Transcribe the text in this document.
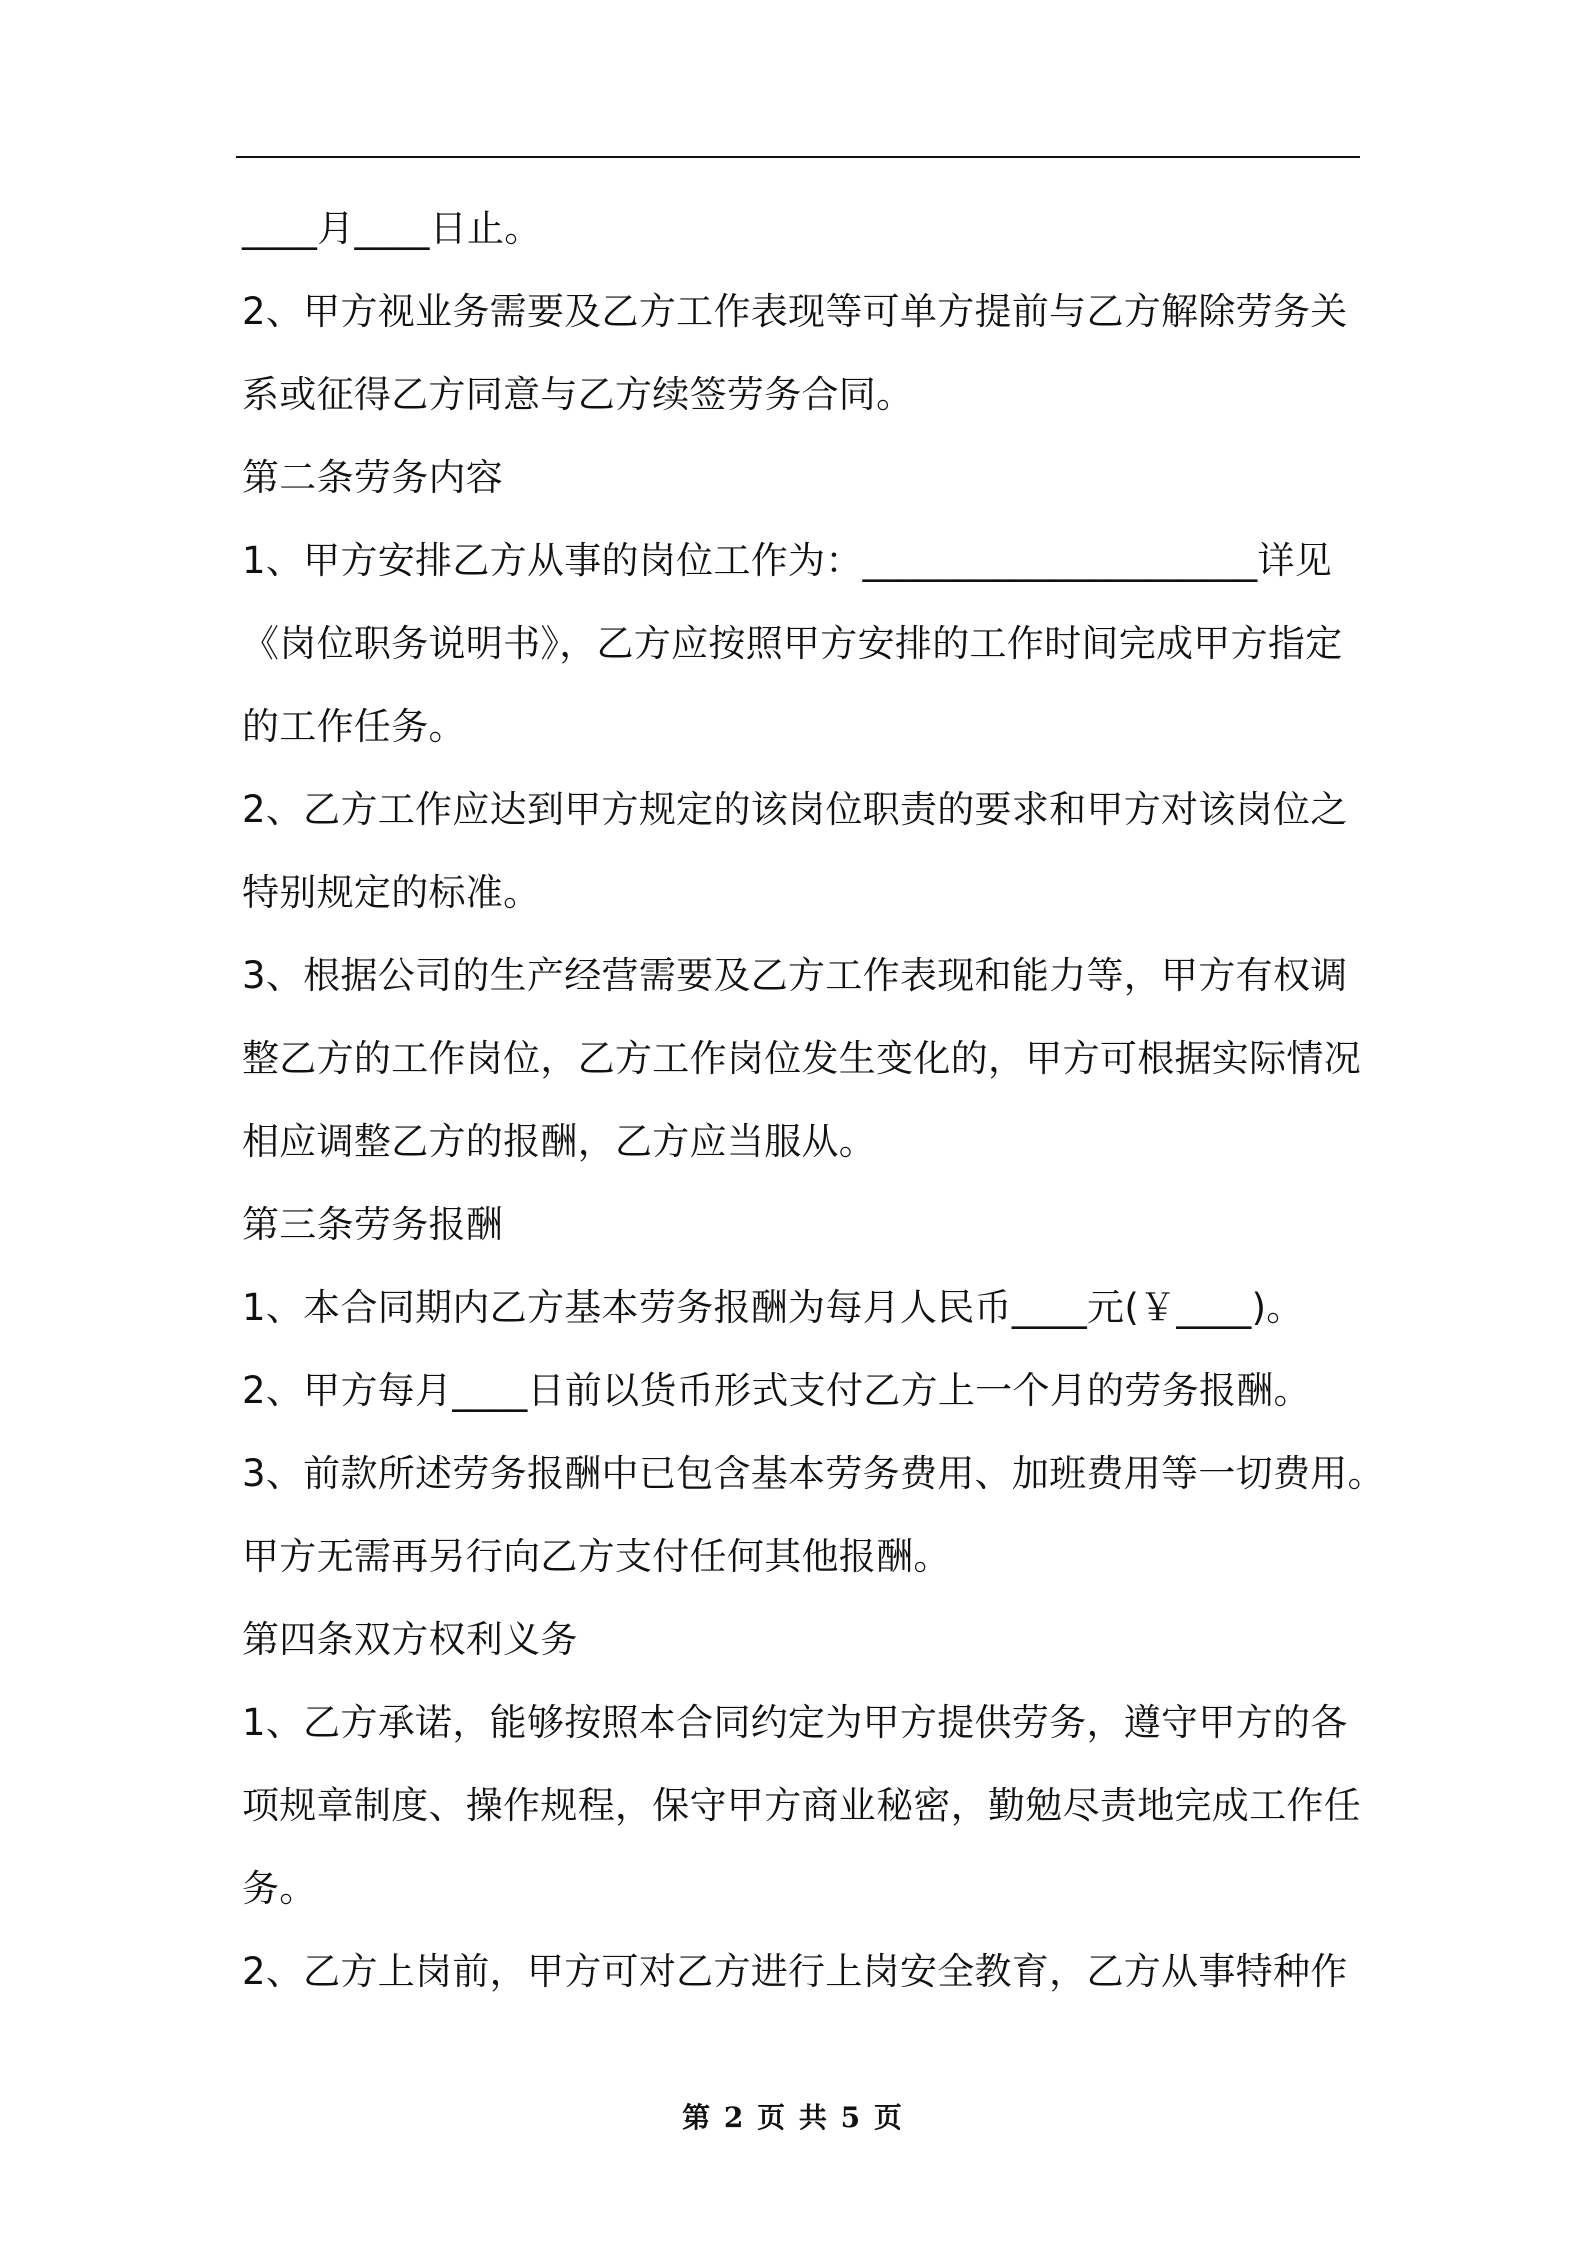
____月____日止。
2、甲方视业务需要及乙方工作表现等可单方提前与乙方解除劳务关
系或征得乙方同意与乙方续签劳务合同。
第二条劳务内容
1、甲方安排乙方从事的岗位工作为：_____________________详见
《岗位职务说明书》，乙方应按照甲方安排的工作时间完成甲方指定
的工作任务。
2、乙方工作应达到甲方规定的该岗位职责的要求和甲方对该岗位之
特别规定的标准。
3、根据公司的生产经营需要及乙方工作表现和能力等，甲方有权调
整乙方的工作岗位，乙方工作岗位发生变化的，甲方可根据实际情况
相应调整乙方的报酬，乙方应当服从。
第三条劳务报酬
1、本合同期内乙方基本劳务报酬为每月人民币____元(￥____)。
2、甲方每月____日前以货币形式支付乙方上一个月的劳务报酬。
3、前款所述劳务报酬中已包含基本劳务费用、加班费用等一切费用。
甲方无需再另行向乙方支付任何其他报酬。
第四条双方权利义务
1、乙方承诺，能够按照本合同约定为甲方提供劳务，遵守甲方的各
项规章制度、操作规程，保守甲方商业秘密，勤勉尽责地完成工作任
务。
2、乙方上岗前，甲方可对乙方进行上岗安全教育，乙方从事特种作
第 2 页 共 5 页
